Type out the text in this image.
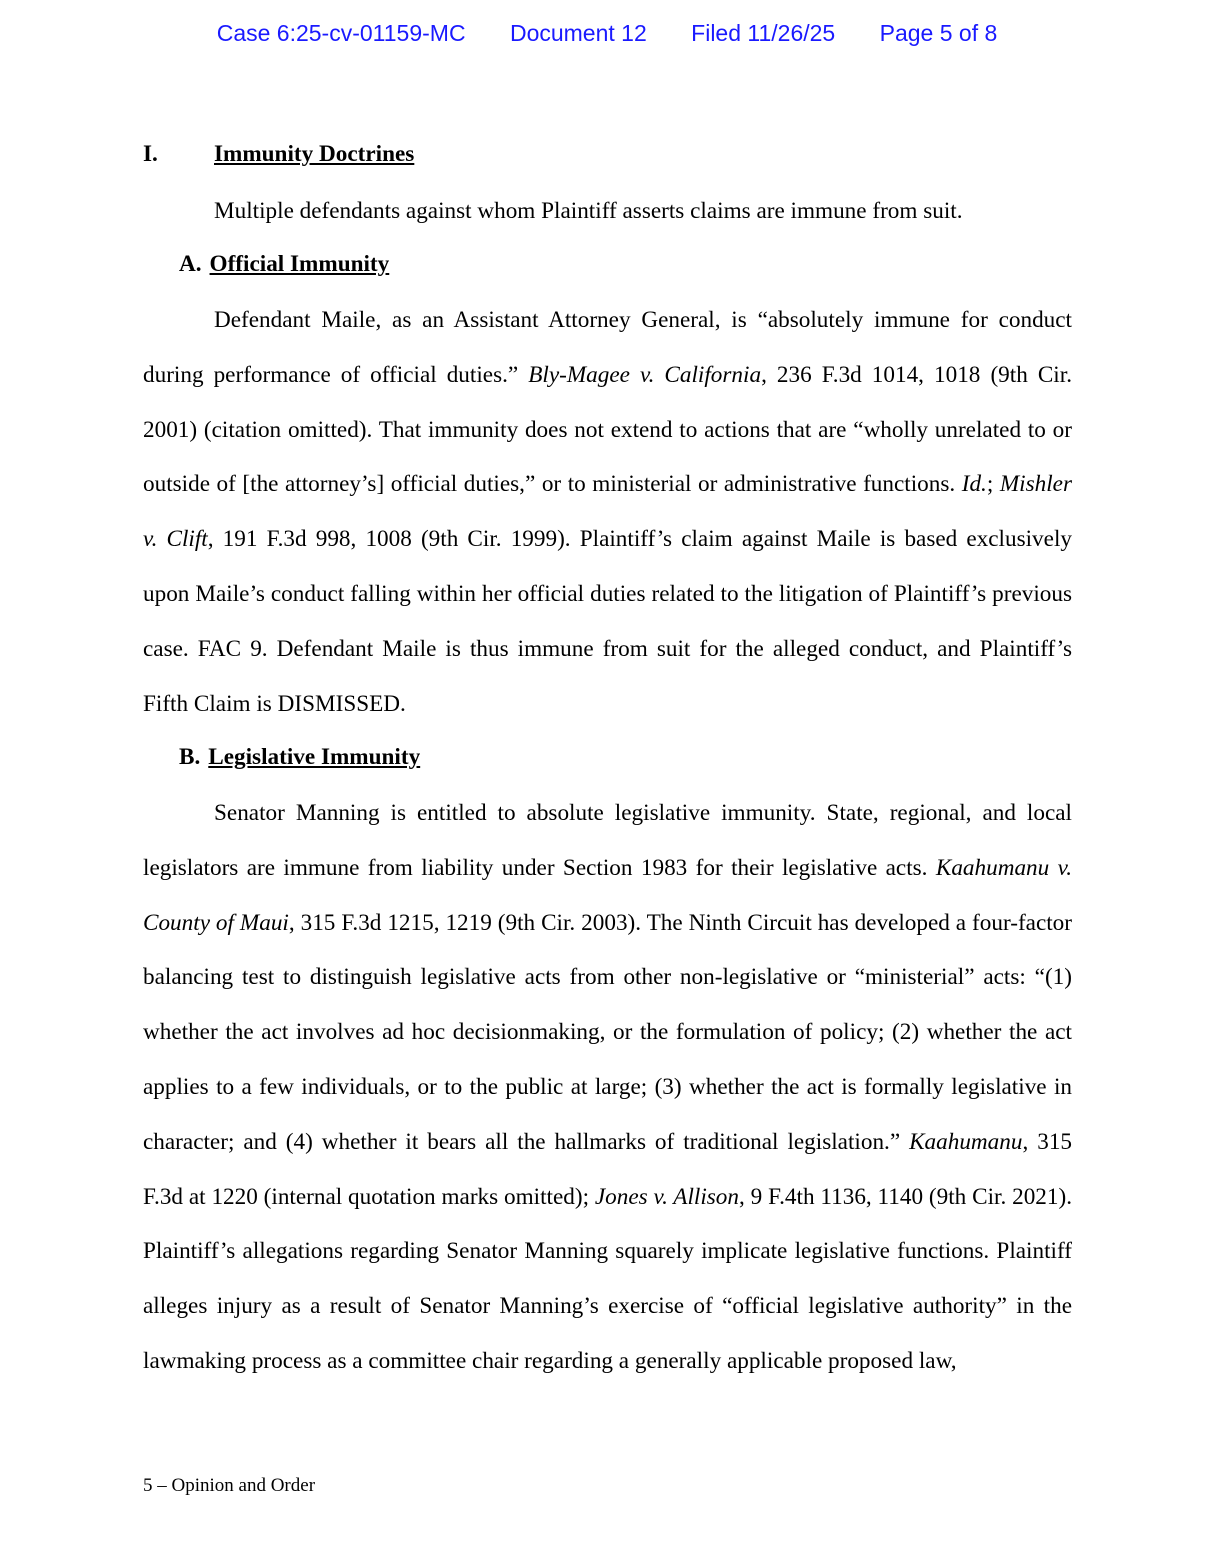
Case 6:25-cv-01159-MC Document 12 Filed 11/26/25 Page 5 of 8
I. Immunity Doctrines
Multiple defendants against whom Plaintiff asserts claims are immune from suit.
A. Official Immunity
Defendant Maile, as an Assistant Attorney General, is “absolutely immune for conduct during performance of official duties.” Bly-Magee v. California, 236 F.3d 1014, 1018 (9th Cir. 2001) (citation omitted). That immunity does not extend to actions that are “wholly unrelated to or outside of [the attorney’s] official duties,” or to ministerial or administrative functions. Id.; Mishler v. Clift, 191 F.3d 998, 1008 (9th Cir. 1999). Plaintiff’s claim against Maile is based exclusively upon Maile’s conduct falling within her official duties related to the litigation of Plaintiff’s previous case. FAC 9. Defendant Maile is thus immune from suit for the alleged conduct, and Plaintiff’s Fifth Claim is DISMISSED.
B. Legislative Immunity
Senator Manning is entitled to absolute legislative immunity. State, regional, and local legislators are immune from liability under Section 1983 for their legislative acts. Kaahumanu v. County of Maui, 315 F.3d 1215, 1219 (9th Cir. 2003). The Ninth Circuit has developed a four-factor balancing test to distinguish legislative acts from other non-legislative or “ministerial” acts: “(1) whether the act involves ad hoc decisionmaking, or the formulation of policy; (2) whether the act applies to a few individuals, or to the public at large; (3) whether the act is formally legislative in character; and (4) whether it bears all the hallmarks of traditional legislation.” Kaahumanu, 315 F.3d at 1220 (internal quotation marks omitted); Jones v. Allison, 9 F.4th 1136, 1140 (9th Cir. 2021). Plaintiff’s allegations regarding Senator Manning squarely implicate legislative functions. Plaintiff alleges injury as a result of Senator Manning’s exercise of “official legislative authority” in the lawmaking process as a committee chair regarding a generally applicable proposed law,
5 – Opinion and Order
